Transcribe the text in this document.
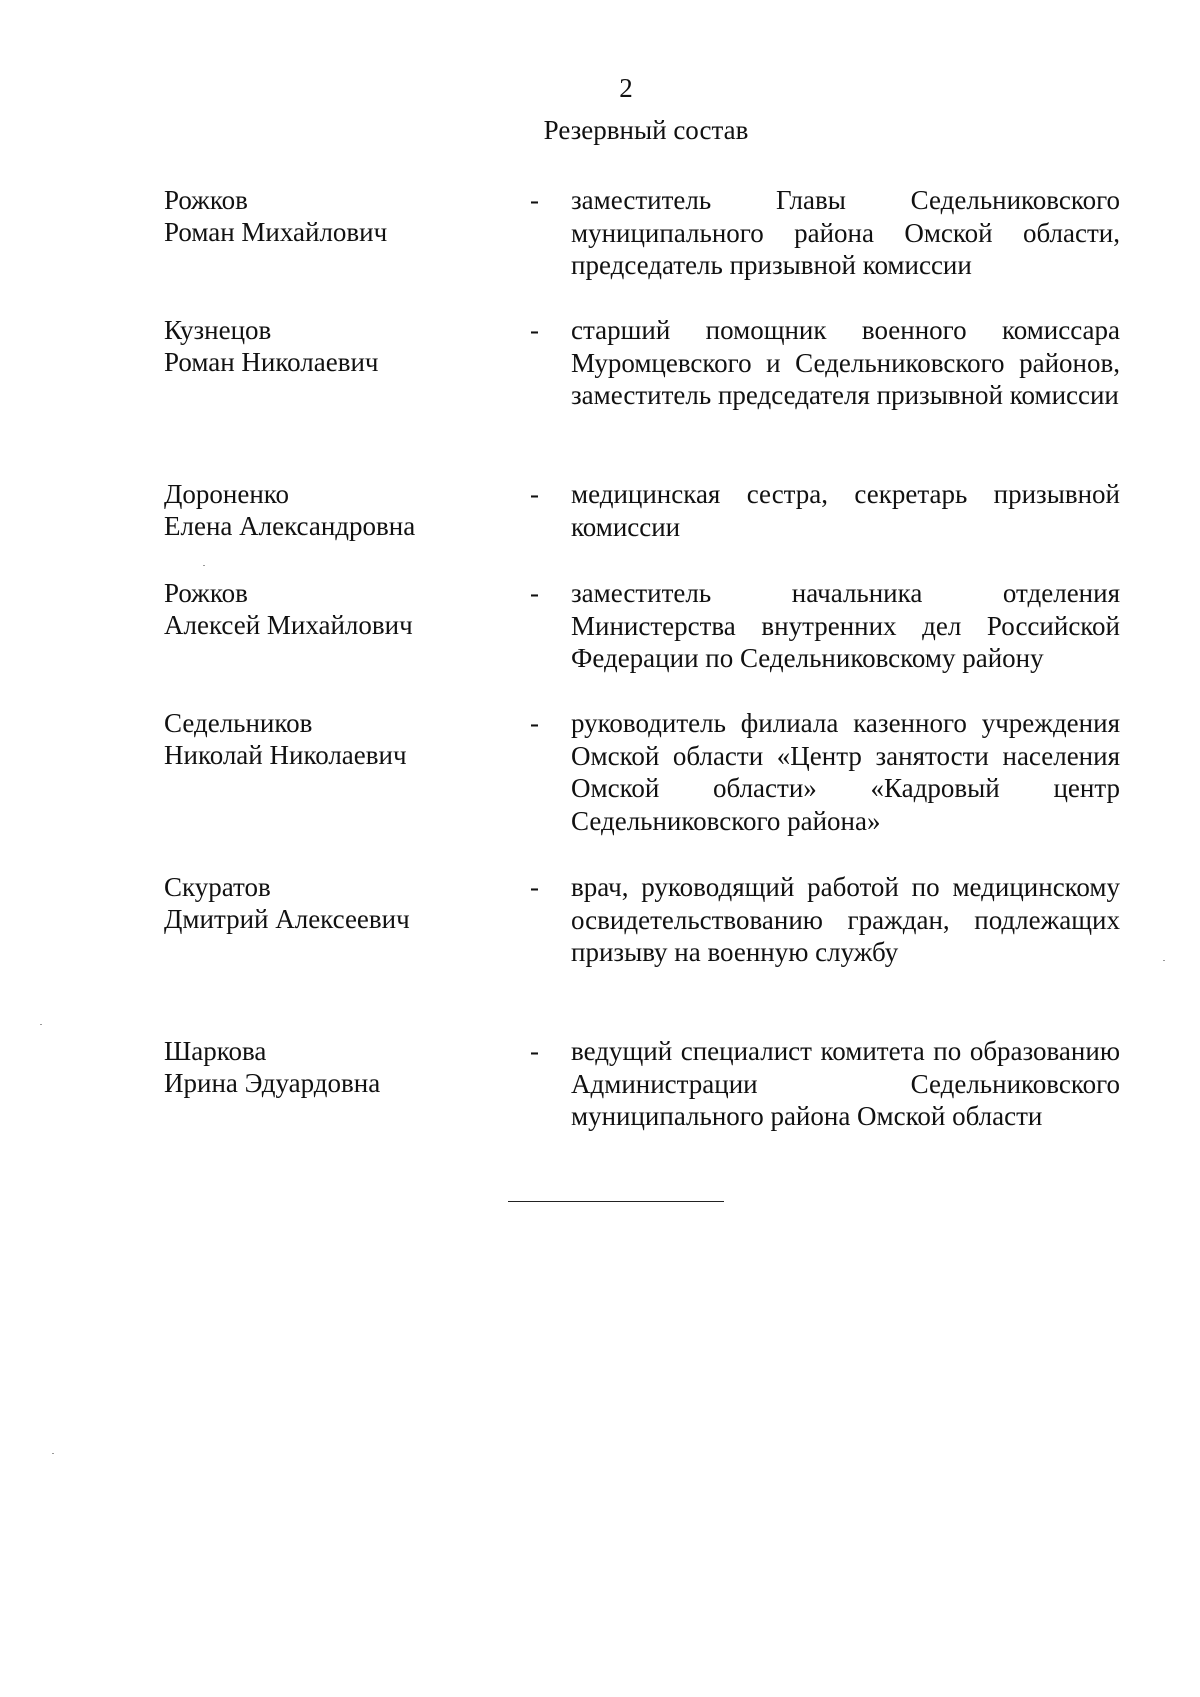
2
Резервный состав
Рожков
Роман Михайлович
- заместитель Главы Седельниковского муниципального района Омской области, председатель призывной комиссии
Кузнецов
Роман Николаевич
- старший помощник военного комиссара Муромцевского и Седельниковского районов, заместитель председателя призывной комиссии
Дороненко
Елена Александровна
- медицинская сестра, секретарь призывной комиссии
Рожков
Алексей Михайлович
- заместитель начальника отделения Министерства внутренних дел Российской Федерации по Седельниковскому району
Седельников
Николай Николаевич
- руководитель филиала казенного учреждения Омской области «Центр занятости населения Омской области» «Кадровый центр Седельниковского района»
Скуратов
Дмитрий Алексеевич
- врач, руководящий работой по медицинскому освидетельствованию граждан, подлежащих призыву на военную службу
Шаркова
Ирина Эдуардовна
- ведущий специалист комитета по образованию Администрации Седельниковского муниципального района Омской области
